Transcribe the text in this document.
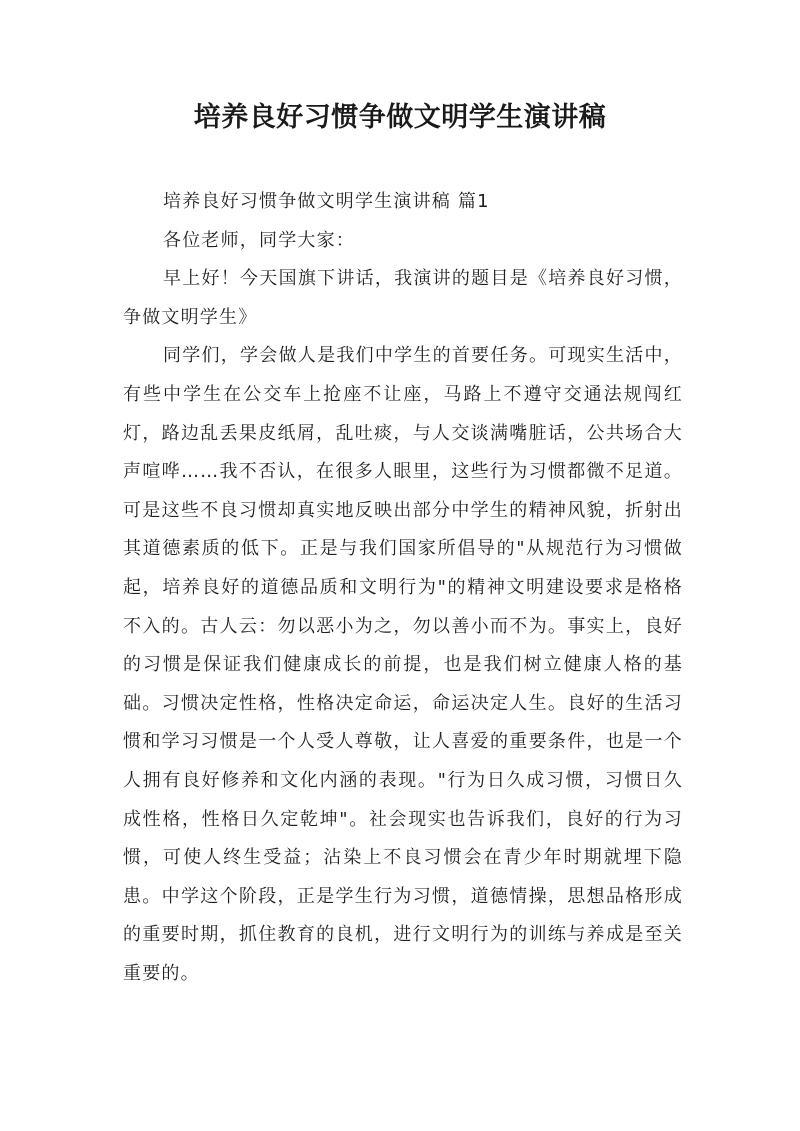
培养良好习惯争做文明学生演讲稿

培养良好习惯争做文明学生演讲稿 篇1

各位老师，同学大家：

早上好！今天国旗下讲话，我演讲的题目是《培养良好习惯，争做文明学生》

同学们，学会做人是我们中学生的首要任务。可现实生活中，有些中学生在公交车上抢座不让座，马路上不遵守交通法规闯红灯，路边乱丢果皮纸屑，乱吐痰，与人交谈满嘴脏话，公共场合大声喧哗……我不否认，在很多人眼里，这些行为习惯都微不足道。可是这些不良习惯却真实地反映出部分中学生的精神风貌，折射出其道德素质的低下。正是与我们国家所倡导的"从规范行为习惯做起，培养良好的道德品质和文明行为"的精神文明建设要求是格格不入的。古人云：勿以恶小为之，勿以善小而不为。事实上，良好的习惯是保证我们健康成长的前提，也是我们树立健康人格的基础。习惯决定性格，性格决定命运，命运决定人生。良好的生活习惯和学习习惯是一个人受人尊敬，让人喜爱的重要条件，也是一个人拥有良好修养和文化内涵的表现。"行为日久成习惯，习惯日久成性格，性格日久定乾坤"。社会现实也告诉我们，良好的行为习惯，可使人终生受益；沾染上不良习惯会在青少年时期就埋下隐患。中学这个阶段，正是学生行为习惯，道德情操，思想品格形成的重要时期，抓住教育的良机，进行文明行为的训练与养成是至关重要的。
